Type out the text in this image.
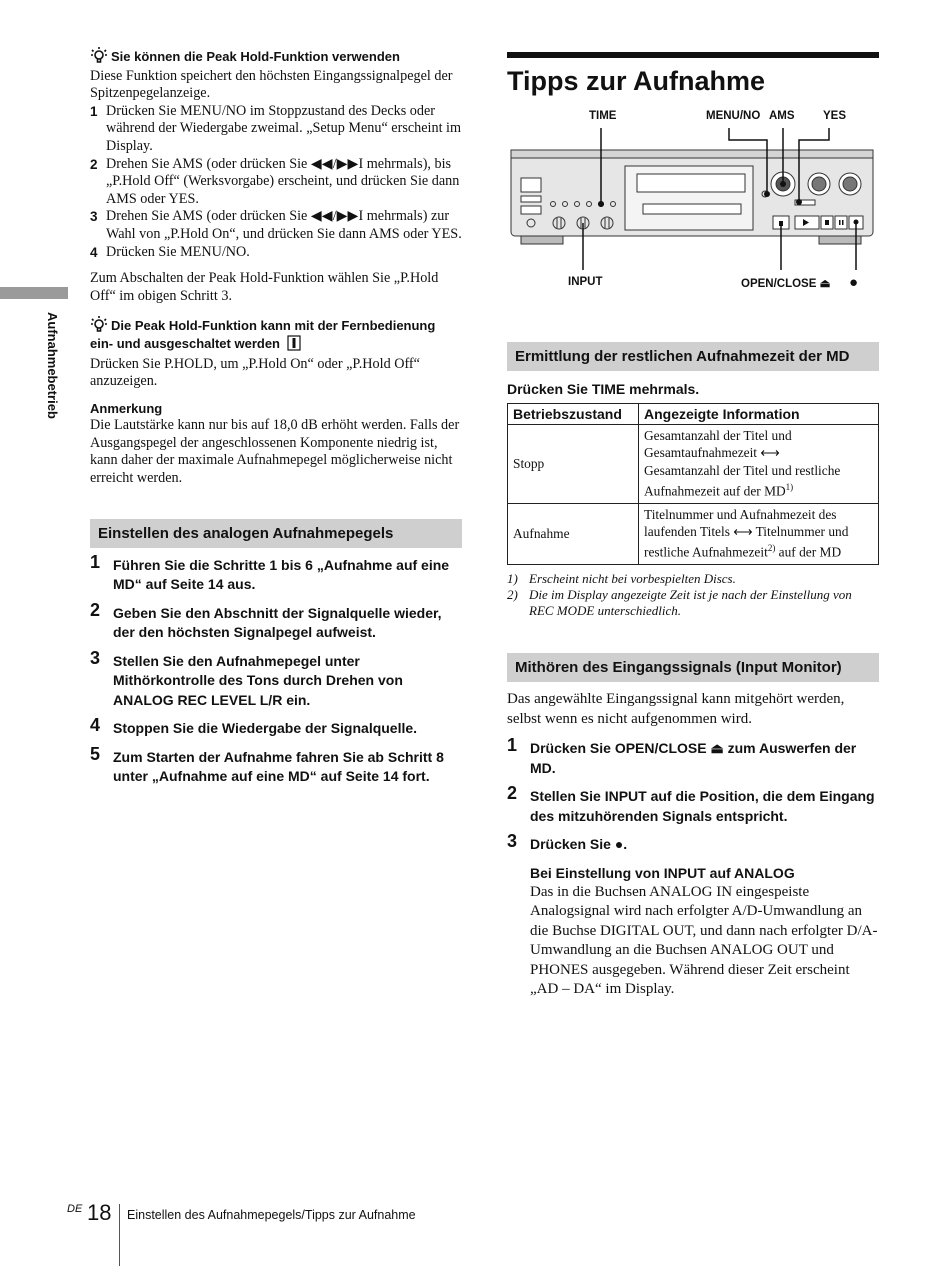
Aufnahmebetrieb
Sie können die Peak Hold-Funktion verwenden

Diese Funktion speichert den höchsten Eingangssignalpegel der Spitzenpegelanzeige.

1 Drücken Sie MENU/NO im Stoppzustand des Decks oder während der Wiedergabe zweimal. „Setup Menu“ erscheint im Display.
2 Drehen Sie AMS (oder drücken Sie ◀◀/▶▶I mehrmals), bis „P.Hold Off“ (Werksvorgabe) erscheint, und drücken Sie dann AMS oder YES.
3 Drehen Sie AMS (oder drücken Sie ◀◀/▶▶I mehrmals) zur Wahl von „P.Hold On“, und drücken Sie dann AMS oder YES.
4 Drücken Sie MENU/NO.

Zum Abschalten der Peak Hold-Funktion wählen Sie „P.Hold Off“ im obigen Schritt 3.

Die Peak Hold-Funktion kann mit der Fernbedienung ein- und ausgeschaltet werden

Drücken Sie P.HOLD, um „P.Hold On“ oder „P.Hold Off“ anzuzeigen.

Anmerkung

Die Lautstärke kann nur bis auf 18,0 dB erhöht werden. Falls der Ausgangspegel der angeschlossenen Komponente niedrig ist, kann daher der maximale Aufnahmepegel möglicherweise nicht erreicht werden.

Einstellen des analogen Aufnahmepegels
1 Führen Sie die Schritte 1 bis 6 „Aufnahme auf eine MD“ auf Seite 14 aus.
2 Geben Sie den Abschnitt der Signalquelle wieder, der den höchsten Signalpegel aufweist.
3 Stellen Sie den Aufnahmepegel unter Mithörkontrolle des Tons durch Drehen von ANALOG REC LEVEL L/R ein.
4 Stoppen Sie die Wiedergabe der Signalquelle.
5 Zum Starten der Aufnahme fahren Sie ab Schritt 8 unter „Aufnahme auf eine MD“ auf Seite 14 fort.
Tipps zur Aufnahme
TIME	MENU/NO AMS YES
INPUT	OPEN/CLOSE ⏏ ●
Ermittlung der restlichen Aufnahmezeit der MD
Drücken Sie TIME mehrmals.
Betriebszustand	Angezeigte Information
Stopp	Gesamtanzahl der Titel und Gesamtaufnahmezeit ⟷
Gesamtanzahl der Titel und restliche Aufnahmezeit auf der MD$^{1)}$
Aufnahme	Titelnummer und Aufnahmezeit des laufenden Titels ⟷ Titelnummer und restliche Aufnahmezeit$^{2)}$ auf der MD
1) Erscheint nicht bei vorbespielten Discs.
2) Die im Display angezeigte Zeit ist je nach der Einstellung von REC MODE unterschiedlich.
Mithören des Eingangssignals (Input Monitor)

Das angewählte Eingangssignal kann mitgehört werden, selbst wenn es nicht aufgenommen wird.

1 Drücken Sie OPEN/CLOSE ⏏ zum Auswerfen der MD.
2 Stellen Sie INPUT auf die Position, die dem Eingang des mitzuhörenden Signals entspricht.
3 Drücken Sie ●.
Bei Einstellung von INPUT auf ANALOG

Das in die Buchsen ANALOG IN eingespeiste Analogsignal wird nach erfolgter A/D-Umwandlung an die Buchse DIGITAL OUT, und dann nach erfolgter D/A-Umwandlung an die Buchsen ANALOG OUT und PHONES ausgegeben. Während dieser Zeit erscheint „AD – DA“ im Display.

DE 18 Einstellen des Aufnahmepegels/Tipps zur Aufnahme
